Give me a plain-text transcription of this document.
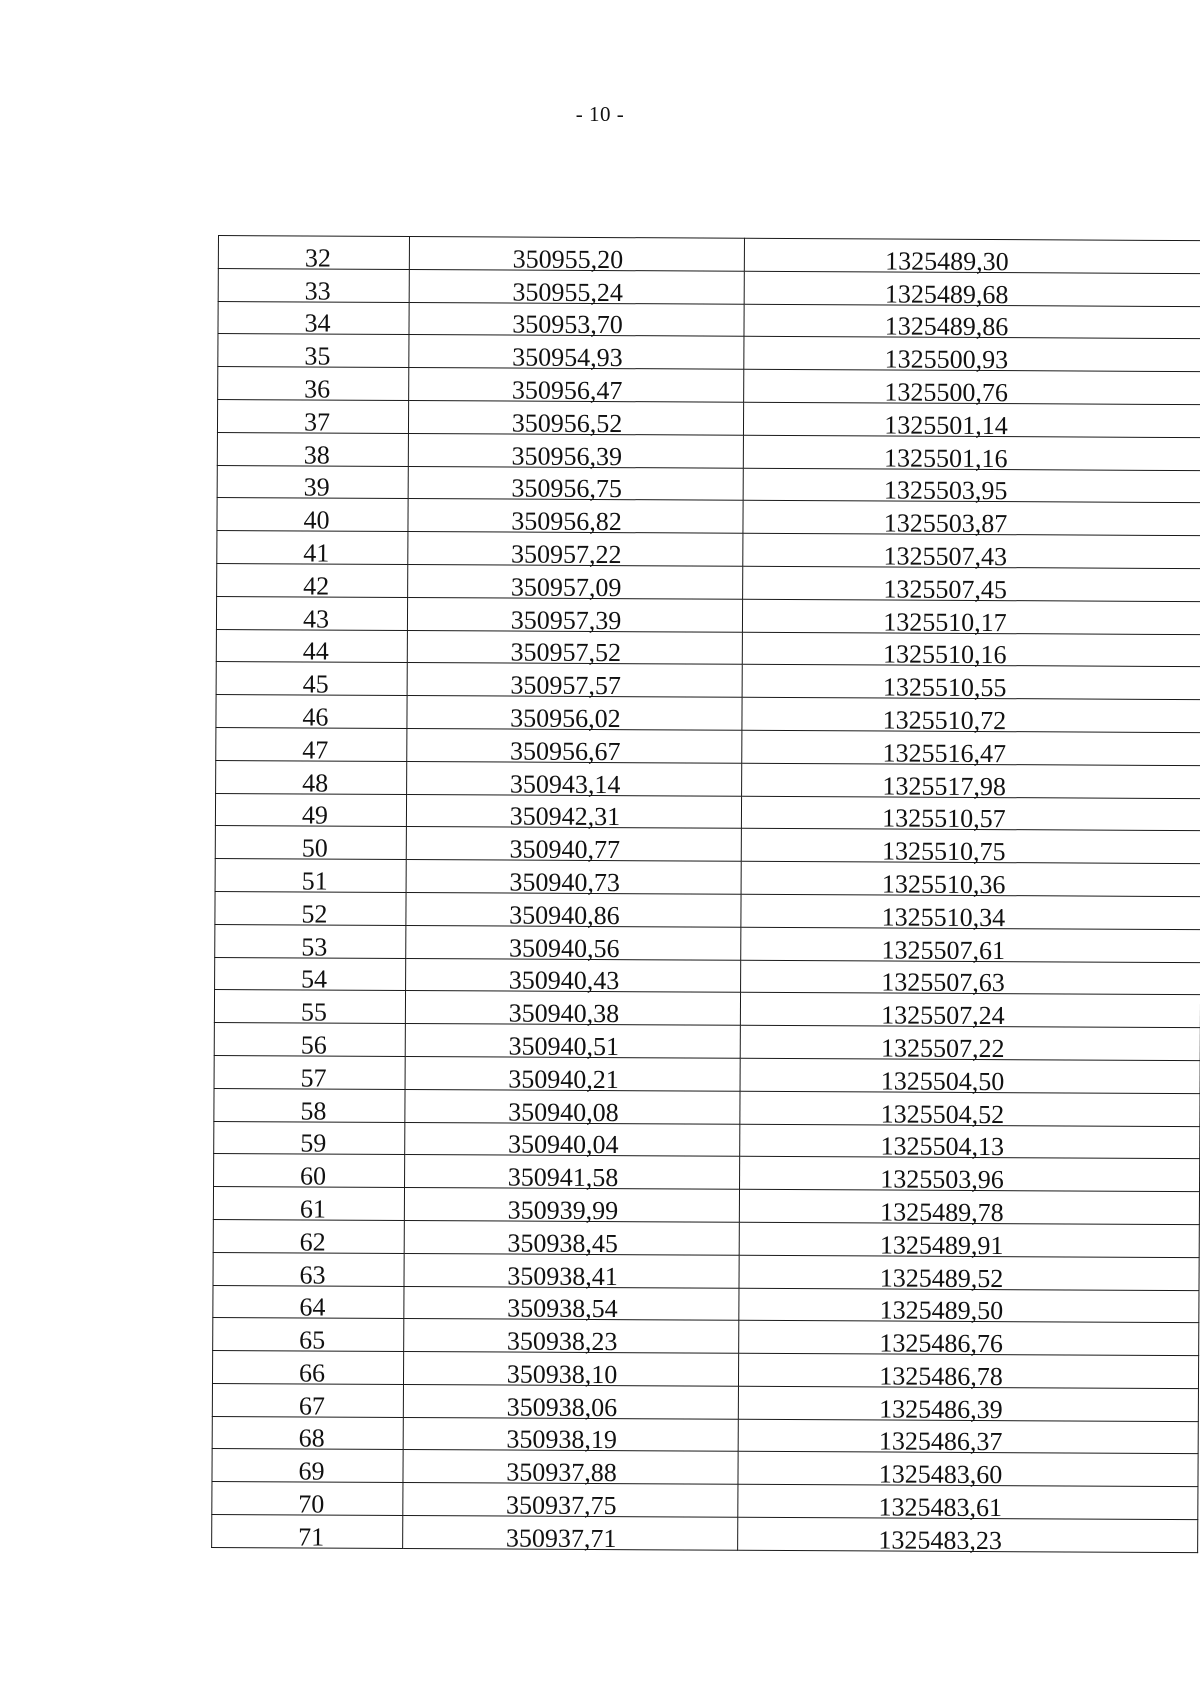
- 10 -
32	350955,20	1325489,30
33	350955,24	1325489,68
34	350953,70	1325489,86
35	350954,93	1325500,93
36	350956,47	1325500,76
37	350956,52	1325501,14
38	350956,39	1325501,16
39	350956,75	1325503,95
40	350956,82	1325503,87
41	350957,22	1325507,43
42	350957,09	1325507,45
43	350957,39	1325510,17
44	350957,52	1325510,16
45	350957,57	1325510,55
46	350956,02	1325510,72
47	350956,67	1325516,47
48	350943,14	1325517,98
49	350942,31	1325510,57
50	350940,77	1325510,75
51	350940,73	1325510,36
52	350940,86	1325510,34
53	350940,56	1325507,61
54	350940,43	1325507,63
55	350940,38	1325507,24
56	350940,51	1325507,22
57	350940,21	1325504,50
58	350940,08	1325504,52
59	350940,04	1325504,13
60	350941,58	1325503,96
61	350939,99	1325489,78
62	350938,45	1325489,91
63	350938,41	1325489,52
64	350938,54	1325489,50
65	350938,23	1325486,76
66	350938,10	1325486,78
67	350938,06	1325486,39
68	350938,19	1325486,37
69	350937,88	1325483,60
70	350937,75	1325483,61
71	350937,71	1325483,23
